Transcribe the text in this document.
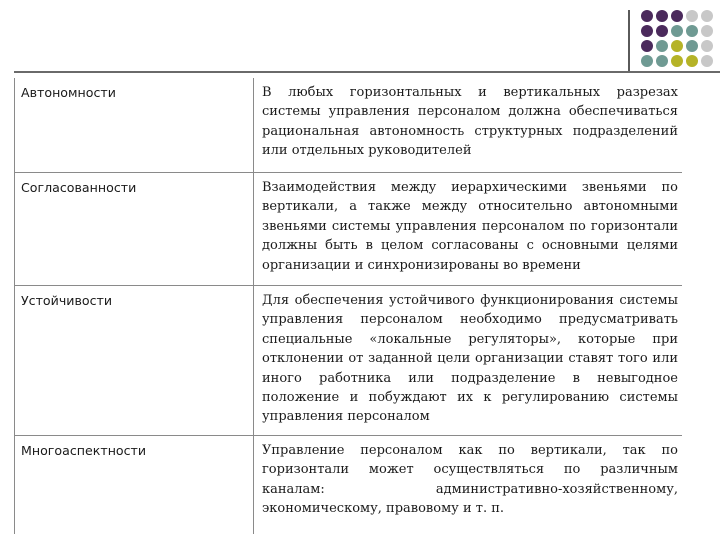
Автономности	В любых горизонтальных и вертикальных разрезах системы управления персоналом должна обеспечиваться рациональная автономность структурных подразделений или отдельных руководителей
Согласованности	Взаимодействия между иерархическими звеньями по вертикали, а также между относительно автономными звеньями системы управления персоналом по горизонтали должны быть в целом согласованы с основными целями организации и синхронизированы во времени
Устойчивости	Для обеспечения устойчивого функционирования системы управления персоналом необходимо предусматривать специальные «локальные регуляторы», которые при отклонении от заданной цели организации ставят того или иного работника или подразделение в невыгодное положение и побуждают их к регулированию системы управления персоналом
Многоаспектности	Управление персоналом как по вертикали, так по горизонтали может осуществляться по различным каналам: административно-хозяйственному, экономическому, правовому и т. п.
